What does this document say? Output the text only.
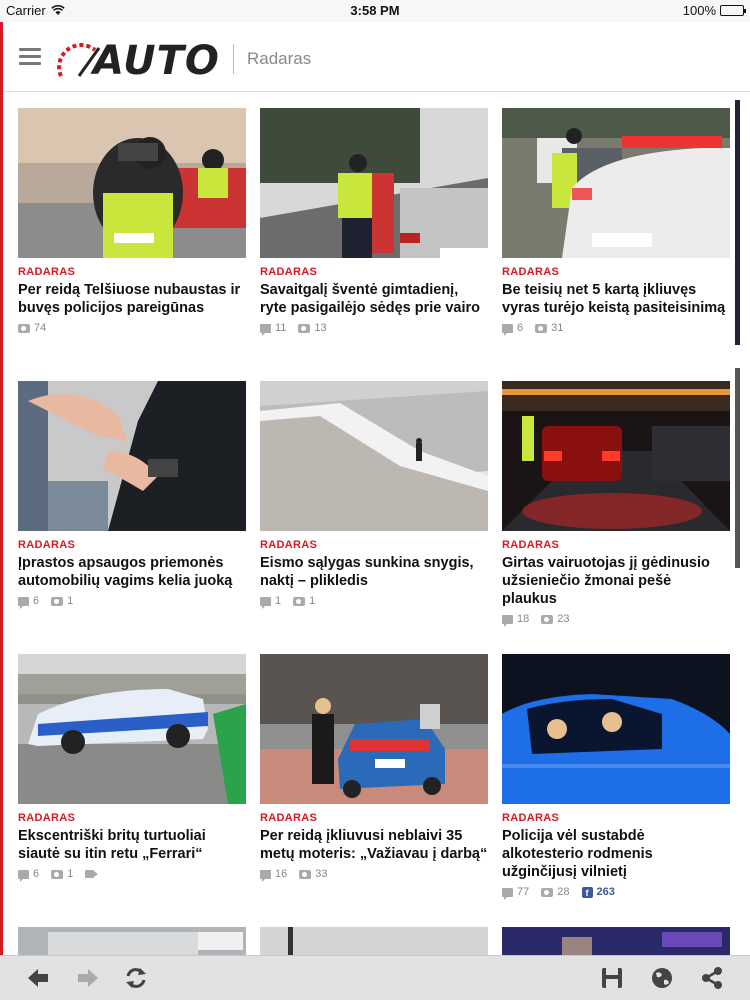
Carrier	3:58 PM	100%
AUTO Radaras
RADARAS
Per reidą Telšiuose nubaustas ir buvęs policijos pareigūnas
74
RADARAS
Savaitgalį šventė gimtadienį, ryte pasigailėjo sėdęs prie vairo
11	13
RADARAS
Be teisių net 5 kartą įkliuvęs vyras turėjo keistą pasiteisinimą
6	31
RADARAS
Įprastos apsaugos priemonės automobilių vagims kelia juoką
6	1
RADARAS
Eismo sąlygas sunkina snygis, naktį – plikledis
1	1
RADARAS
Girtas vairuotojas jį gėdinusio užsieniečio žmonai pešė plaukus
18	23
RADARAS
Ekscentriški britų turtuoliai siautė su itin retu „Ferrari“
6	1
RADARAS
Per reidą įkliuvusi neblaivi 35 metų moteris: „Važiavau į darbą“
16	33
RADARAS
Policija vėl sustabdė alkotesterio rodmenis užginčijusį vilnietį
77	28	f 263
